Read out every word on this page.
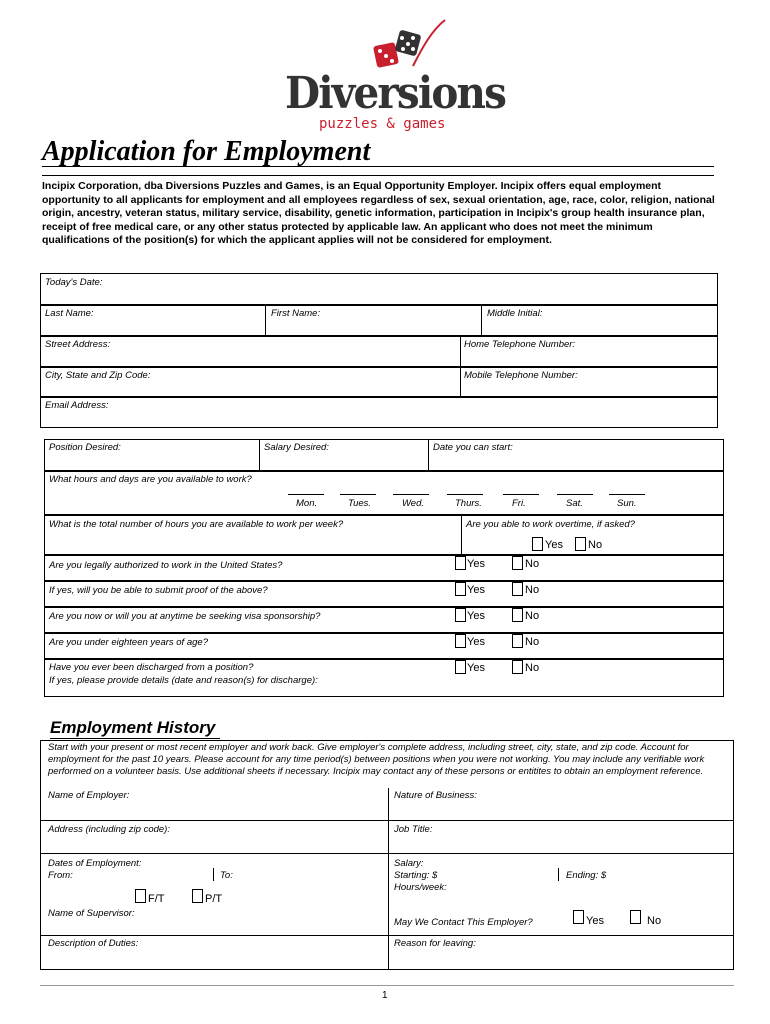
Diversions
puzzles & games
Application for Employment
Incipix Corporation, dba Diversions Puzzles and Games, is an Equal Opportunity Employer. Incipix offers equal employment opportunity to all applicants for employment and all employees regardless of sex, sexual orientation, age, race, color, religion, national origin, ancestry, veteran status, military service, disability, genetic information, participation in Incipix's group health insurance plan, receipt of free medical care, or any other status protected by applicable law. An applicant who does not meet the minimum qualifications of the position(s) for which the applicant applies will not be considered for employment.
Today's Date:
Last Name:	First Name:	Middle Initial:
Street Address:	Home Telephone Number:
City, State and Zip Code:	Mobile Telephone Number:
Email Address:
Position Desired:	Salary Desired:	Date you can start:
What hours and days are you available to work?
Mon.	Tues.	Wed.	Thurs.	Fri.	Sat.	Sun.
What is the total number of hours you are available to work per week?	Are you able to work overtime, if asked?
Yes No
Are you legally authorized to work in the United States?	Yes	No
If yes, will you be able to submit proof of the above?	Yes	No
Are you now or will you at anytime be seeking visa sponsorship?	Yes	No
Are you under eighteen years of age?	Yes	No
Have you ever been discharged from a position?
If yes, please provide details (date and reason(s) for discharge):
Yes	No
Employment History
Start with your present or most recent employer and work back. Give employer's complete address, including street, city, state, and zip code. Account for employment for the past 10 years. Please account for any time period(s) between positions when you were not working. You may include any verifiable work performed on a volunteer basis. Use additional sheets if necessary. Incipix may contact any of these persons or entitites to obtain an employment reference.
Name of Employer:	Nature of Business:
Address (including zip code):	Job Title:
Dates of Employment:
From:	To:
F/T	P/T
Name of Supervisor:
Salary:
Starting: $	Ending: $
Hours/week:
May We Contact This Employer?	Yes	No
Description of Duties:	Reason for leaving:
1
